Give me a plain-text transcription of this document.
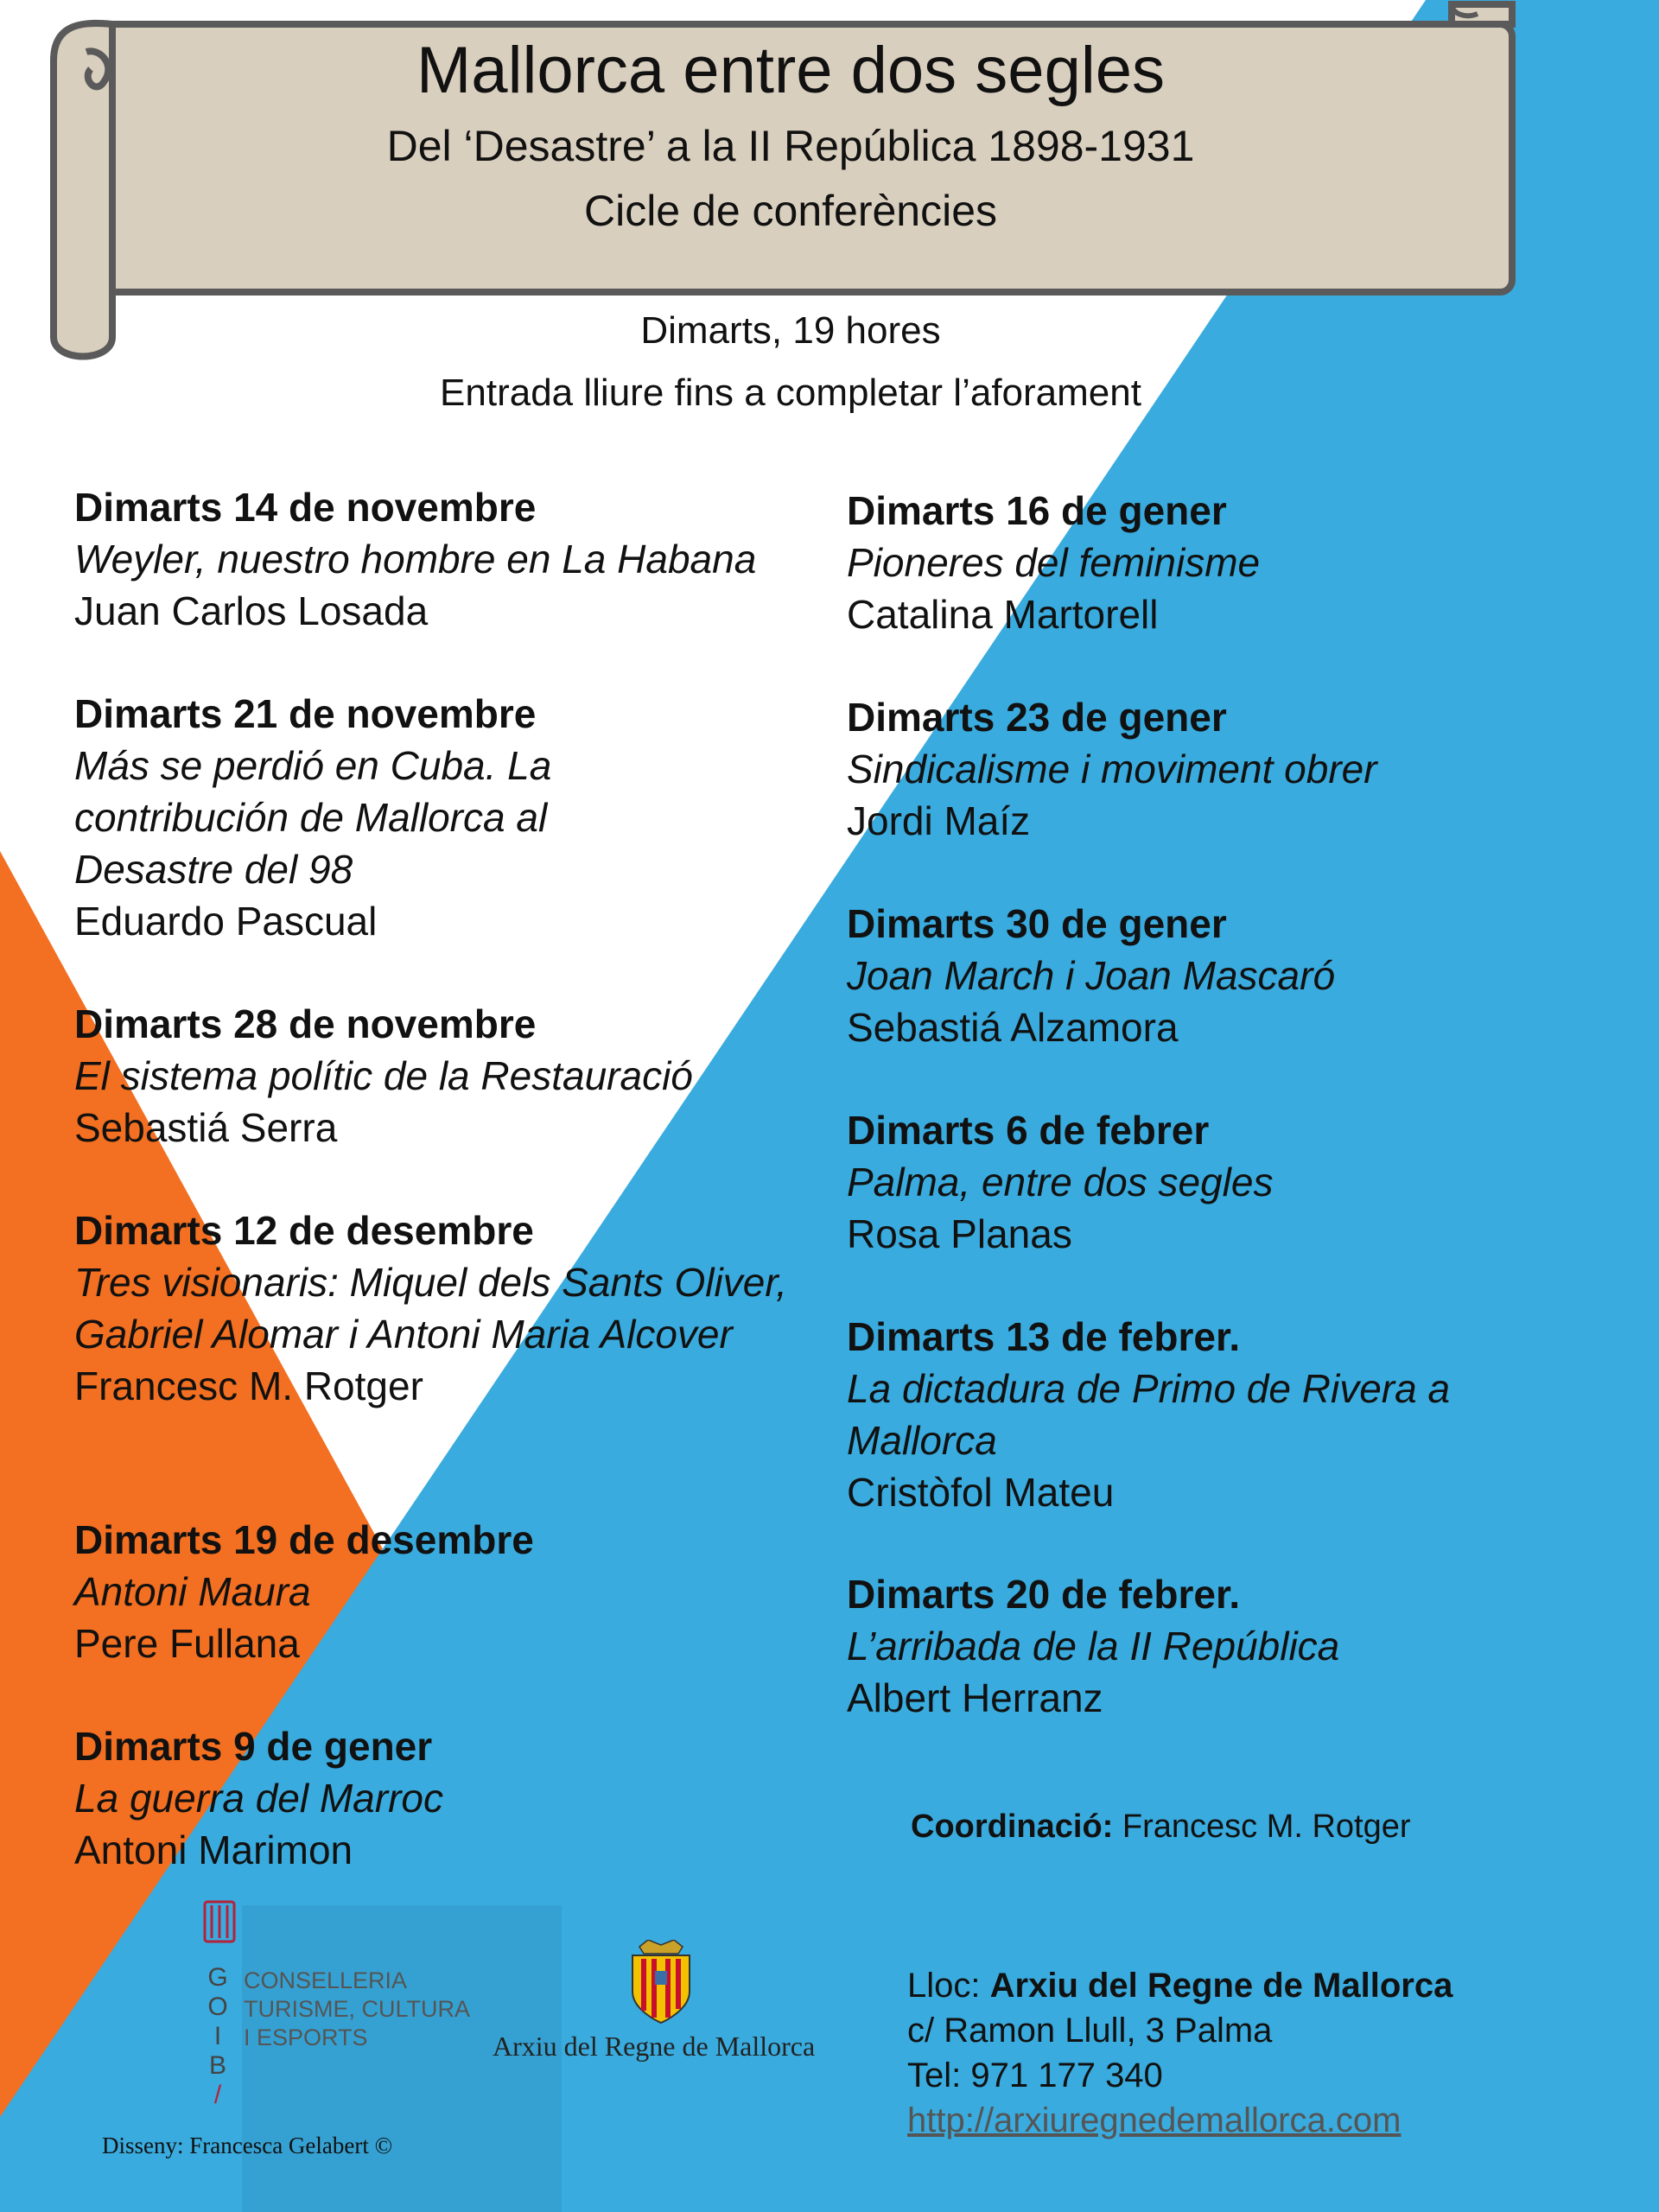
Mallorca entre dos segles
Del ‘Desastre’ a la II República 1898-1931
Cicle de conferències
Dimarts, 19 hores
Entrada lliure fins a completar l’aforament
Dimarts 14 de novembre
Weyler, nuestro hombre en La Habana
Juan Carlos Losada
Dimarts 21 de novembre
Más se perdió en Cuba. La contribución de Mallorca al Desastre del 98
Eduardo Pascual
Dimarts 28 de novembre
El sistema polític de la Restauració
Sebastiá Serra
Dimarts 12 de desembre
Tres visionaris: Miquel dels Sants Oliver, Gabriel Alomar i Antoni Maria Alcover
Francesc M. Rotger
Dimarts 19 de desembre
Antoni Maura
Pere Fullana
Dimarts 9 de gener
La guerra del Marroc
Antoni Marimon
Dimarts 16 de gener
Pioneres del feminisme
Catalina Martorell
Dimarts 23 de gener
Sindicalisme i moviment obrer
Jordi Maíz
Dimarts 30 de gener
Joan March i Joan Mascaró
Sebastiá Alzamora
Dimarts 6 de febrer
Palma, entre dos segles
Rosa Planas
Dimarts 13 de febrer.
La dictadura de Primo de Rivera a Mallorca
Cristòfol Mateu
Dimarts 20 de febrer.
L’arribada de la II República
Albert Herranz
Coordinació: Francesc M. Rotger
Lloc: Arxiu del Regne de Mallorca
c/ Ramon Llull, 3 Palma
Tel: 971 177 340
http://arxiuregnedemallorca.com
G
O
I
B
/
CONSELLERIA
TURISME, CULTURA
I ESPORTS	Arxiu del Regne de Mallorca
Disseny: Francesca Gelabert ©
